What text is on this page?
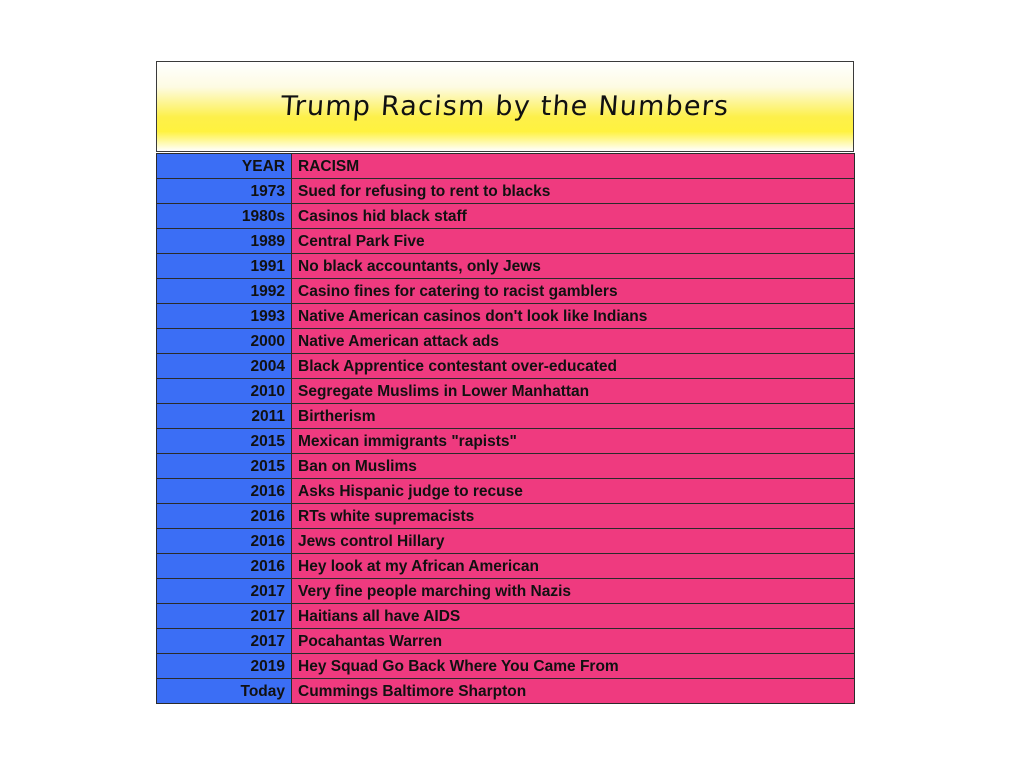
Trump Racism by the Numbers
YEAR	RACISM
1973	Sued for refusing to rent to blacks
1980s	Casinos hid black staff
1989	Central Park Five
1991	No black accountants, only Jews
1992	Casino fines for catering to racist gamblers
1993	Native American casinos don't look like Indians
2000	Native American attack ads
2004	Black Apprentice contestant over-educated
2010	Segregate Muslims in Lower Manhattan
2011	Birtherism
2015	Mexican immigrants "rapists"
2015	Ban on Muslims
2016	Asks Hispanic judge to recuse
2016	RTs white supremacists
2016	Jews control Hillary
2016	Hey look at my African American
2017	Very fine people marching with Nazis
2017	Haitians all have AIDS
2017	Pocahantas Warren
2019	Hey Squad Go Back Where You Came From
Today	Cummings Baltimore Sharpton
